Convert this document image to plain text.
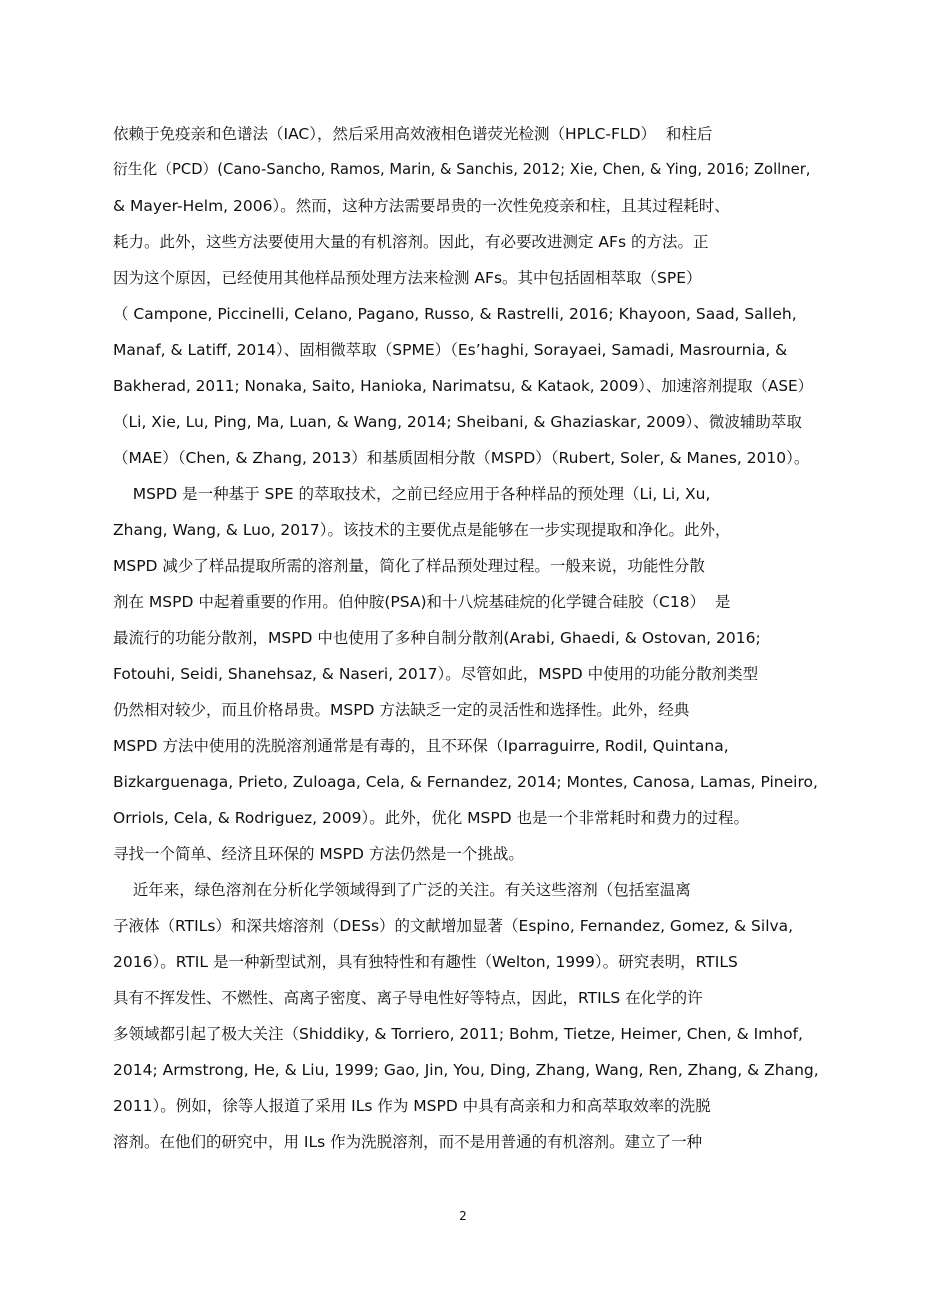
依赖于免疫亲和色谱法（IAC），然后采用高效液相色谱荧光检测（HPLC-FLD）  和柱后
衍生化（PCD）(Cano-Sancho, Ramos, Marin, & Sanchis, 2012; Xie, Chen, & Ying, 2016; Zollner,
& Mayer-Helm, 2006）。然而，这种方法需要昂贵的一次性免疫亲和柱，且其过程耗时、
耗力。此外，这些方法要使用大量的有机溶剂。因此，有必要改进测定 AFs 的方法。正
因为这个原因，已经使用其他样品预处理方法来检测 AFs。其中包括固相萃取（SPE）
（ Campone, Piccinelli, Celano, Pagano, Russo, & Rastrelli, 2016; Khayoon, Saad, Salleh,
Manaf, & Latiff, 2014）、固相微萃取（SPME）（Es’haghi, Sorayaei, Samadi, Masrournia, &
Bakherad, 2011; Nonaka, Saito, Hanioka, Narimatsu, & Kataok, 2009）、加速溶剂提取（ASE）
（Li, Xie, Lu, Ping, Ma, Luan, & Wang, 2014; Sheibani, & Ghaziaskar, 2009）、微波辅助萃取
（MAE）（Chen, & Zhang, 2013）和基质固相分散（MSPD）（Rubert, Soler, & Manes, 2010）。
MSPD 是一种基于 SPE 的萃取技术，之前已经应用于各种样品的预处理（Li, Li, Xu,
Zhang, Wang, & Luo, 2017）。该技术的主要优点是能够在一步实现提取和净化。此外，
MSPD 减少了样品提取所需的溶剂量，简化了样品预处理过程。一般来说，功能性分散
剂在 MSPD 中起着重要的作用。伯仲胺(PSA)和十八烷基硅烷的化学键合硅胶（C18）  是
最流行的功能分散剂，MSPD 中也使用了多种自制分散剂(Arabi, Ghaedi, & Ostovan, 2016;
Fotouhi, Seidi, Shanehsaz, & Naseri, 2017）。尽管如此，MSPD 中使用的功能分散剂类型
仍然相对较少，而且价格昂贵。MSPD 方法缺乏一定的灵活性和选择性。此外，经典
MSPD 方法中使用的洗脱溶剂通常是有毒的，且不环保（Iparraguirre, Rodil, Quintana,
Bizkarguenaga, Prieto, Zuloaga, Cela, & Fernandez, 2014; Montes, Canosa, Lamas, Pineiro,
Orriols, Cela, & Rodriguez, 2009）。此外，优化 MSPD 也是一个非常耗时和费力的过程。
寻找一个简单、经济且环保的 MSPD 方法仍然是一个挑战。
近年来，绿色溶剂在分析化学领域得到了广泛的关注。有关这些溶剂（包括室温离
子液体（RTILs）和深共熔溶剂（DESs）的文献增加显著（Espino, Fernandez, Gomez, & Silva,
2016）。RTIL 是一种新型试剂，具有独特性和有趣性（Welton, 1999）。研究表明，RTILS
具有不挥发性、不燃性、高离子密度、离子导电性好等特点，因此，RTILS 在化学的许
多领域都引起了极大关注（Shiddiky, & Torriero, 2011; Bohm, Tietze, Heimer, Chen, & Imhof,
2014; Armstrong, He, & Liu, 1999; Gao, Jin, You, Ding, Zhang, Wang, Ren, Zhang, & Zhang,
2011）。例如，徐等人报道了采用 ILs 作为 MSPD 中具有高亲和力和高萃取效率的洗脱
溶剂。在他们的研究中，用 ILs 作为洗脱溶剂，而不是用普通的有机溶剂。建立了一种
2
